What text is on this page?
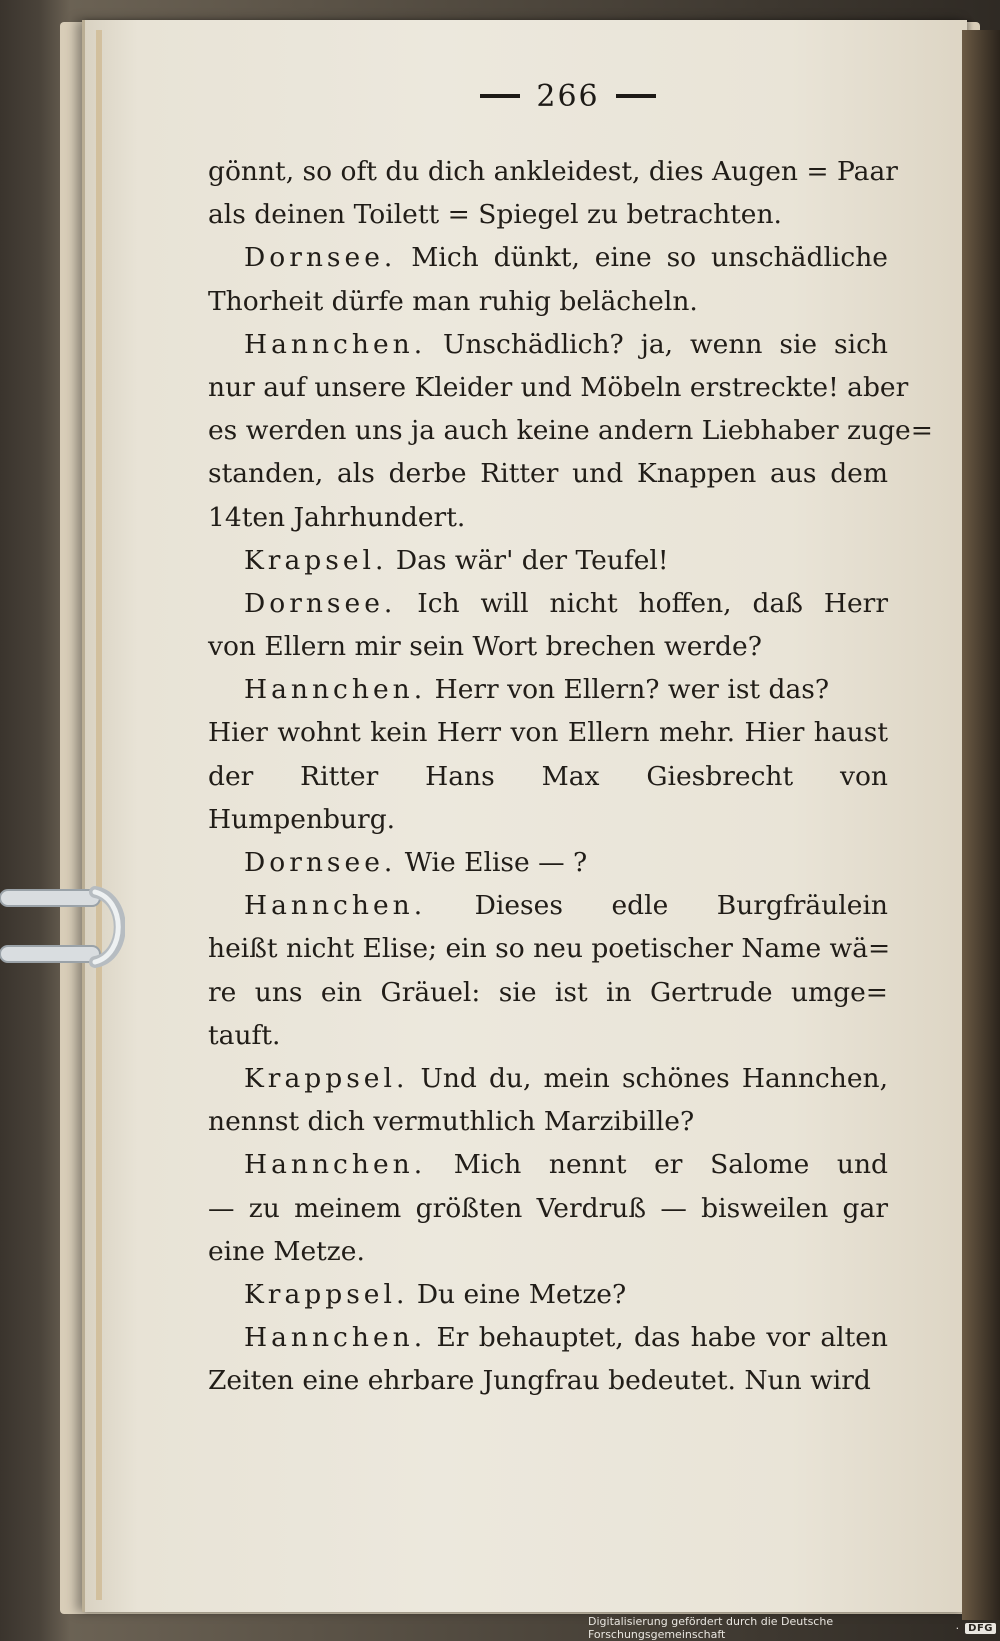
266
gönnt, so oft du dich ankleidest, dies Augen = Paar
als deinen Toilett = Spiegel zu betrachten.
Dornsee. Mich dünkt, eine so unschädliche
Thorheit dürfe man ruhig belächeln.
Hannchen. Unschädlich? ja, wenn sie sich
nur auf unsere Kleider und Möbeln erstreckte! aber
es werden uns ja auch keine andern Liebhaber zuge=
standen, als derbe Ritter und Knappen aus dem
14ten Jahrhundert.
Krapsel. Das wär' der Teufel!
Dornsee. Ich will nicht hoffen, daß Herr
von Ellern mir sein Wort brechen werde?
Hannchen. Herr von Ellern? wer ist das?
Hier wohnt kein Herr von Ellern mehr. Hier haust
der Ritter Hans Max Giesbrecht von
Humpenburg.
Dornsee. Wie Elise — ?
Hannchen. Dieses edle Burgfräulein
heißt nicht Elise; ein so neu poetischer Name wä=
re uns ein Gräuel: sie ist in Gertrude umge=
tauft.
Krappsel. Und du, mein schönes Hannchen,
nennst dich vermuthlich Marzibille?
Hannchen. Mich nennt er Salome und
— zu meinem größten Verdruß — bisweilen gar
eine Metze.
Krappsel. Du eine Metze?
Hannchen. Er behauptet, das habe vor alten
Zeiten eine ehrbare Jungfrau bedeutet. Nun wird
Digitalisierung gefördert durch die Deutsche Forschungsgemeinschaft	· DFG
